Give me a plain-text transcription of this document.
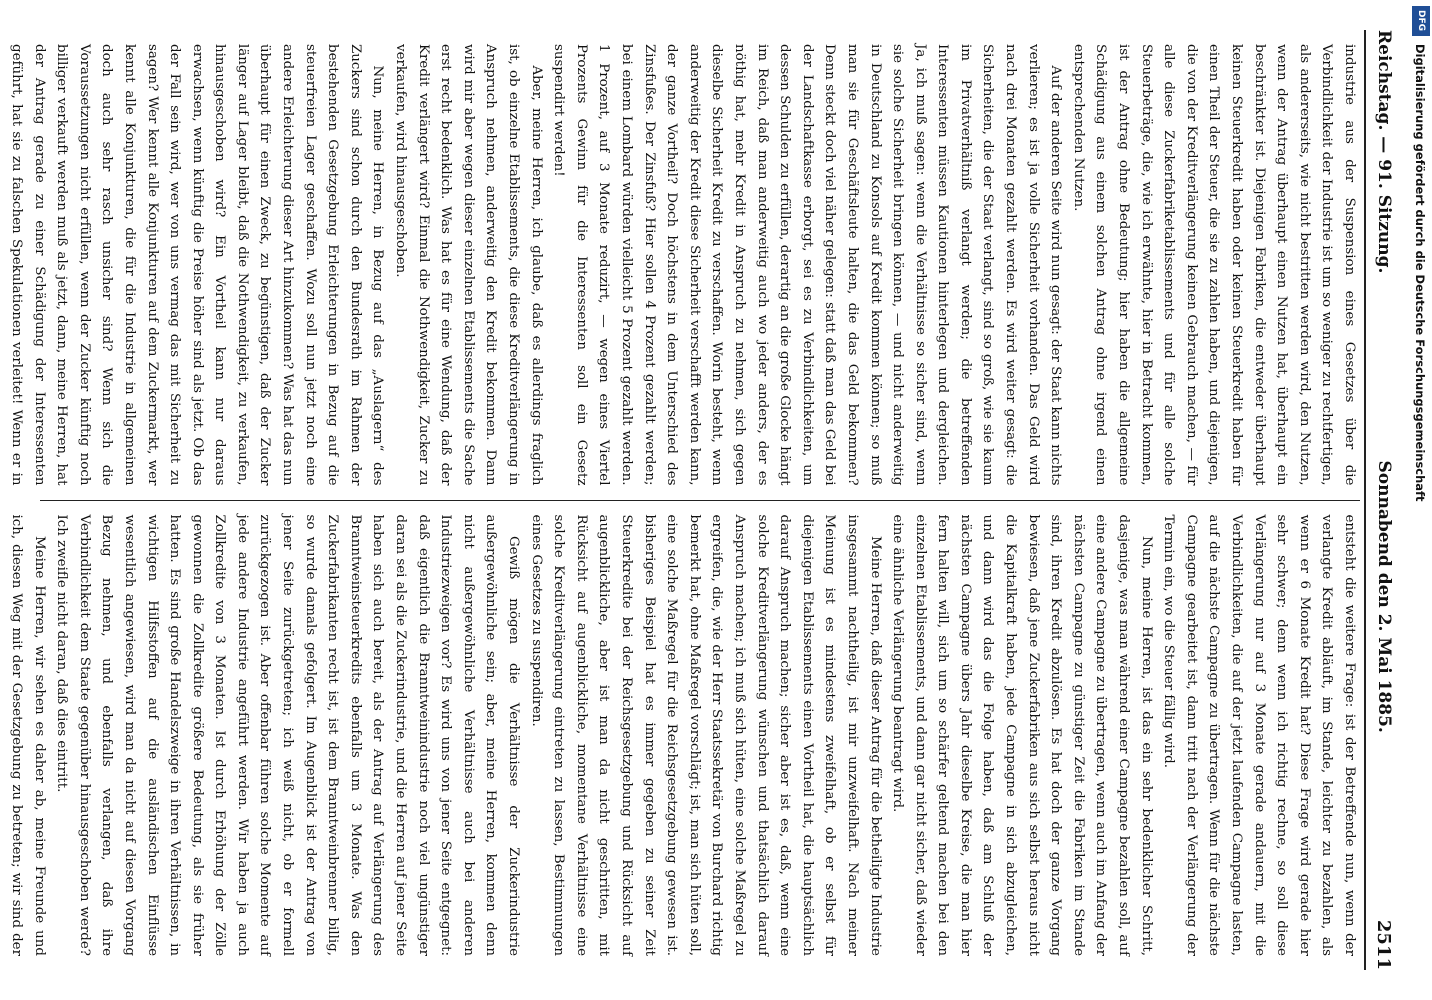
Reichstag. — 91. Sitzung.
Sonnabend den 2. Mai 1885.
2511

industrie aus der Suspension eines Gesetzes über die Verbindlichkeit der Industrie ist um so weniger zu rechtfertigen, als andererseits, wie nicht bestritten werden wird, den Nutzen, wenn der Antrag überhaupt einen Nutzen hat, überhaupt ein beschränkter ist. Diejenigen Fabriken, die entweder überhaupt keinen Steuerkredit haben oder keinen Steuerkredit haben für einen Theil der Steuer, die sie zu zahlen haben, und diejenigen, die von der Kreditverlängerung keinen Gebrauch machen, — für alle diese Zuckerfabriketablissements und für alle solche Steuerbeträge, die, wie ich erwähnte, hier in Betracht kommen, ist der Antrag ohne Bedeutung; hier haben die allgemeine Schädigung aus einem solchen Antrag ohne irgend einen entsprechenden Nutzen.

Auf der anderen Seite wird nun gesagt: der Staat kann nichts verlieren; es ist ja volle Sicherheit vorhanden. Das Geld wird nach drei Monaten gezahlt werden. Es wird weiter gesagt: die Sicherheiten, die der Staat verlangt, sind so groß, wie sie kaum im Privatverhältniß verlangt werden; die betreffenden Interessenten müssen Kautionen hinterlegen und dergleichen. Ja, ich muß sagen: wenn die Verhältnisse so sicher sind, wenn sie solche Sicherheit bringen können, — und nicht anderweitig in Deutschland zu Konsols auf Kredit kommen können; so muß man sie für Geschäftsleute halten, die das Geld bekommen? Denn steckt doch viel näher gelegen: statt daß man das Geld bei der Landschaftkasse erborgt, sei es zu Verbindlichkeiten, um dessen Schulden zu erfüllen, derartig an die große Glocke hängt im Reich, daß man anderweitig auch wo jeder anders, der es nöthig hat, mehr Kredit in Anspruch zu nehmen, sich gegen dieselbe Sicherheit Kredit zu verschaffen. Worin besteht, wenn anderweitig der Kredit diese Sicherheit verschafft werden kann, der ganze Vortheil? Doch höchstens in dem Unterschied des Zinsfußes. Der Zinsfuß? Hier sollen 4 Prozent gezahlt werden; bei einem Lombard würden vielleicht 5 Prozent gezahlt werden. 1 Prozent, auf 3 Monate reduzirt, — wegen eines Viertel Prozents Gewinn für die Interessenten soll ein Gesetz suspendirt werden!

Aber, meine Herren, ich glaube, daß es allerdings fraglich ist, ob einzelne Etablissements, die diese Kreditverlängerung in Anspruch nehmen, anderweitig den Kredit bekommen. Dann wird mir aber wegen dieser einzelnen Etablissements die Sache erst recht bedenklich. Was hat es für eine Wendung, daß der Kredit verlängert wird? Einmal die Nothwendigkeit, Zucker zu verkaufen, wird hinausgeschoben.

Nun, meine Herren, in Bezug auf das „Auslagern“ des Zuckers sind schon durch den Bundesrath im Rahmen der bestehenden Gesetzgebung Erleichterungen in Bezug auf die steuerfreien Lager geschaffen. Wozu soll nun jetzt noch eine andere Erleichterung dieser Art hinzukommen? Was hat das nun überhaupt für einen Zweck, zu begünstigen, daß der Zucker länger auf Lager bleibt, daß die Nothwendigkeit, zu verkaufen, hinausgeschoben wird? Ein Vortheil kann nur daraus erwachsen, wenn künftig die Preise höher sind als jetzt. Ob das der Fall sein wird, wer von uns vermag das mit Sicherheit zu sagen? Wer kennt alle Konjunkturen auf dem Zuckermarkt, wer kennt alle Konjunkturen, die für die Industrie in allgemeinen doch auch sehr rasch unsicher sind? Wenn sich die Voraussetzungen nicht erfüllen, wenn der Zucker künftig noch billiger verkauft werden muß als jetzt, dann, meine Herren, hat der Antrag gerade zu einer Schädigung der Interessenten geführt, hat sie zu falschen Spekulationen verleitet! Wenn er in

entsteht die weitere Frage: ist der Betreffende nun, wenn der verlangte Kredit abläuft, im Stande, leichter zu bezahlen, als wenn er 6 Monate Kredit hat? Diese Frage wird gerade hier sehr schwer; denn wenn ich richtig rechne, so soll diese Verlängerung nur auf 3 Monate gerade andauern, mit die Verbindlichkeiten, die auf der jetzt laufenden Campagne lasten, auf die nächste Campagne zu übertragen. Wenn für die nächste Campagne gearbeitet ist, dann tritt nach der Verlängerung der Termin ein, wo die Steuer fällig wird.

Nun, meine Herren, ist das ein sehr bedenklicher Schritt, dasjenige, was man während einer Campagne bezahlen soll, auf eine andere Campagne zu übertragen, wenn auch im Anfang der nächsten Campagne zu günstiger Zeit die Fabriken im Stande sind, ihren Kredit abzulösen. Es hat doch der ganze Vorgang bewiesen, daß jene Zuckerfabriken aus sich selbst heraus nicht die Kapitalkraft haben, jede Campagne in sich abzugleichen, und dann wird das die Folge haben, daß am Schluß der nächsten Campagne übers Jahr dieselbe Kreise, die man hier fern halten will, sich um so schärfer geltend machen bei den einzelnen Etablissements, und dann gar nicht sicher, daß wieder eine ähnliche Verlängerung beantragt wird.

Meine Herren, daß dieser Antrag für die betheiligte Industrie insgesammt nachtheilig, ist mir unzweifelhaft. Nach meiner Meinung ist es mindestens zweifelhaft, ob er selbst für diejenigen Etablissements einen Vortheil hat, die hauptsächlich darauf Anspruch machen; sicher aber ist es, daß, wenn eine solche Kreditverlängerung wünschen und thatsächlich darauf Anspruch machen; ich muß sich hüten, eine solche Maßregel zu ergreifen, die, wie der Herr Staatssekretär von Burchard richtig bemerkt hat, ohne Maßregel vorschlägt; ist, man sich hüten soll, eine solche Maßregel für die Reichsgesetzgebung gewesen ist. bisheriges Beispiel hat es immer gegeben zu seiner Zeit Steuerkredite bei der Reichsgesetzgebung und Rücksicht auf augenblickliche, aber ist man da nicht geschritten, mit Rücksicht auf augenblickliche, momentane Verhältnisse eine solche Kreditverlängerung eintreten zu lassen, Bestimmungen eines Gesetzes zu suspendiren.

Gewiß mögen die Verhältnisse der Zuckerindustrie außergewöhnliche sein; aber, meine Herren, kommen denn nicht außergewöhnliche Verhältnisse auch bei anderen Industriezweigen vor? Es wird uns von jener Seite entgegnet: daß eigentlich die Branntweinindustrie noch viel ungünstiger daran sei als die Zuckerindustrie, und die Herren auf jener Seite haben sich auch bereit, als der Antrag auf Verlängerung des Branntweinsteuerkredits ebenfalls um 3 Monate. Was den Zuckerfabrikanten recht ist, ist dem Branntweinbrenner billig, so wurde damals gefolgert. Im Augenblick ist der Antrag von jener Seite zurückgetreten; ich weiß nicht, ob er formell zurückgezogen ist. Aber offenbar führen solche Momente auf jede andere Industrie angeführt werden. Wir haben ja auch Zollkredite von 3 Monaten. Ist durch Erhöhung der Zölle gewonnen die Zollkredite größere Bedeutung, als sie früher hatten. Es sind große Handelszweige in ihren Verhältnissen, in wichtigen Hilfsstoffen auf die ausländischen Einflüsse wesentlich angewiesen, wird man da nicht auf diesen Vorgang Bezug nehmen, und ebenfalls verlangen, daß ihre Verbindlichkeit dem Staate gegenüber hinausgeschoben werde? Ich zweifle nicht daran, daß dies eintritt.

Meine Herren, wir sehen es daher ab, meine Freunde und ich, diesen Weg mit der Gesetzgebung zu betreten; wir sind der

DFG
Digitalisierung gefördert durch die Deutsche Forschungsgemeinschaft
